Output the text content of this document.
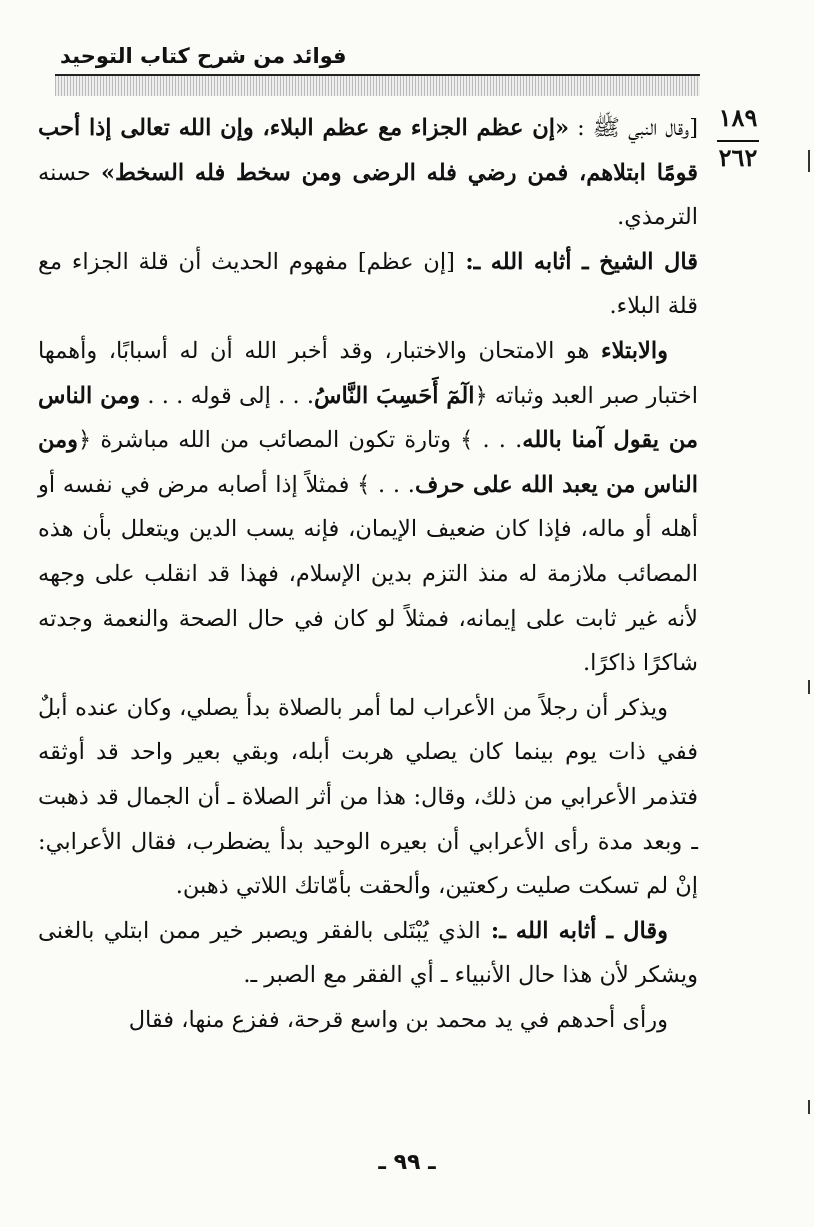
فوائد من شرح كتاب التوحيد
١٨٩
٢٦٢

[وقال النبي ﷺ : «إن عظم الجزاء مع عظم البلاء، وإن الله تعالى إذا أحب قومًا ابتلاهم، فمن رضي فله الرضى ومن سخط فله السخط» حسنه الترمذي.

قال الشيخ ـ أثابه الله ـ: [إن عظم] مفهوم الحديث أن قلة الجزاء مع قلة البلاء.

والابتلاء هو الامتحان والاختبار، وقد أخبر الله أن له أسبابًا، وأهمها اختبار صبر العبد وثباته ﴿الٓمٓ أَحَسِبَ النَّاسُ. . . إلى قوله . . . ومن الناس من يقول آمنا بالله. . . ﴾ وتارة تكون المصائب من الله مباشرة ﴿ومن الناس من يعبد الله على حرف. . . ﴾ فمثلاً إذا أصابه مرض في نفسه أو أهله أو ماله، فإذا كان ضعيف الإيمان، فإنه يسب الدين ويتعلل بأن هذه المصائب ملازمة له منذ التزم بدين الإسلام، فهذا قد انقلب على وجهه لأنه غير ثابت على إيمانه، فمثلاً لو كان في حال الصحة والنعمة وجدته شاكرًا ذاكرًا.

ويذكر أن رجلاً من الأعراب لما أمر بالصلاة بدأ يصلي، وكان عنده أبلٌ ففي ذات يوم بينما كان يصلي هربت أبله، وبقي بعير واحد قد أوثقه فتذمر الأعرابي من ذلك، وقال: هذا من أثر الصلاة ـ أن الجمال قد ذهبت ـ وبعد مدة رأى الأعرابي أن بعيره الوحيد بدأ يضطرب، فقال الأعرابي: إنْ لم تسكت صليت ركعتين، وألحقت بأمّاتك اللاتي ذهبن.

وقال ـ أثابه الله ـ: الذي يُبْتَلى بالفقر ويصبر خير ممن ابتلي بالغنى ويشكر لأن هذا حال الأنبياء ـ أي الفقر مع الصبر ـ.

ورأى أحدهم في يد محمد بن واسع قرحة، ففزع منها، فقال

ـ ٩٩ ـ
